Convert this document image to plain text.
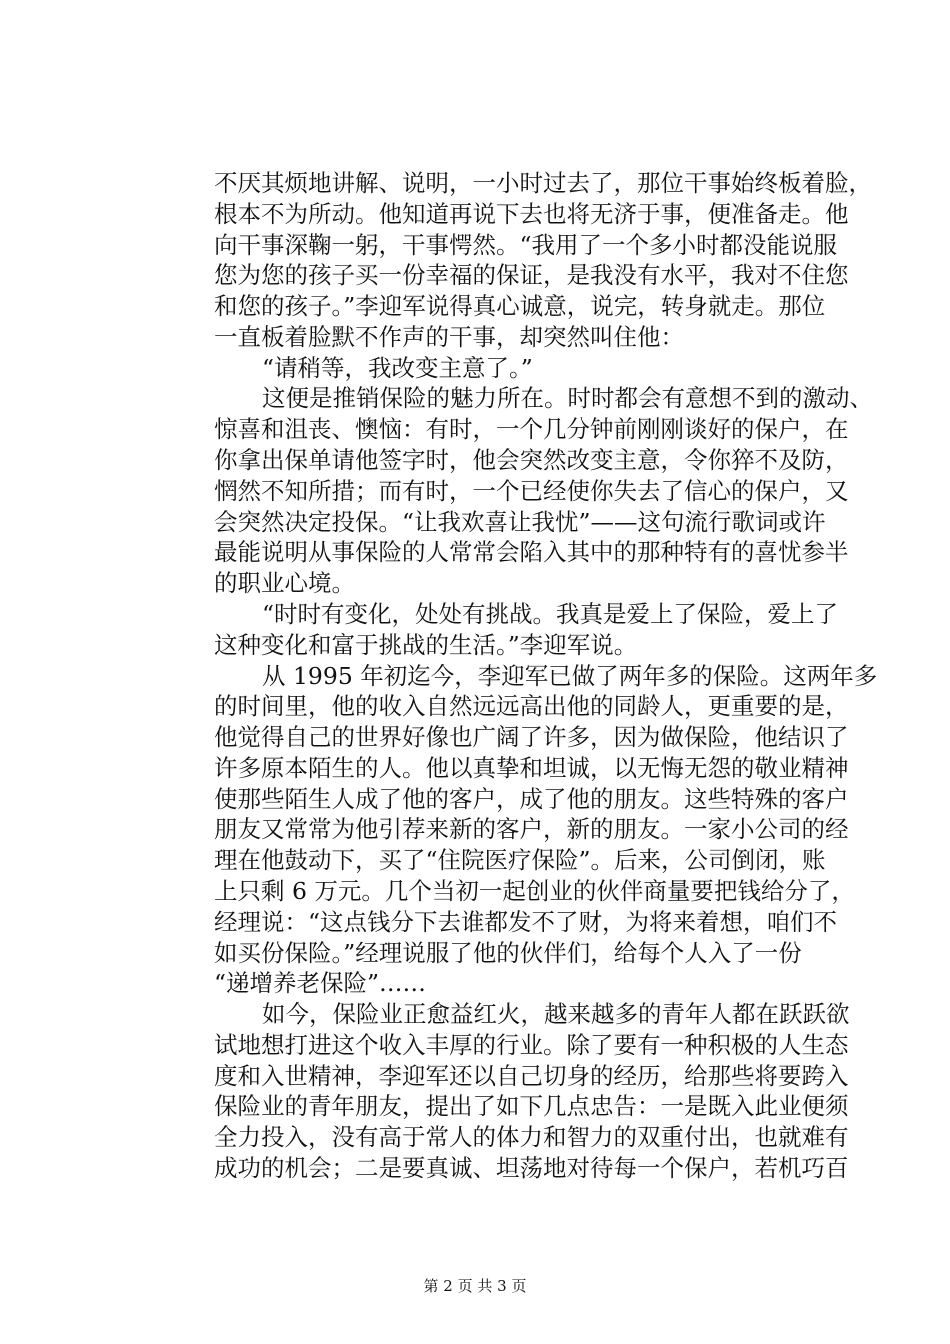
不厌其烦地讲解、说明，一小时过去了，那位干事始终板着脸，
根本不为所动。他知道再说下去也将无济于事，便准备走。他
向干事深鞠一躬，干事愕然。“我用了一个多小时都没能说服
您为您的孩子买一份幸福的保证，是我没有水平，我对不住您
和您的孩子。”李迎军说得真心诚意，说完，转身就走。那位
一直板着脸默不作声的干事，却突然叫住他：
“请稍等，我改变主意了。”
这便是推销保险的魅力所在。时时都会有意想不到的激动、
惊喜和沮丧、懊恼：有时，一个几分钟前刚刚谈好的保户，在
你拿出保单请他签字时，他会突然改变主意，令你猝不及防，
惘然不知所措；而有时，一个已经使你失去了信心的保户，又
会突然决定投保。“让我欢喜让我忧”——这句流行歌词或许
最能说明从事保险的人常常会陷入其中的那种特有的喜忧参半
的职业心境。
“时时有变化，处处有挑战。我真是爱上了保险，爱上了
这种变化和富于挑战的生活。”李迎军说。
从 1995 年初迄今，李迎军已做了两年多的保险。这两年多
的时间里，他的收入自然远远高出他的同龄人，更重要的是，
他觉得自己的世界好像也广阔了许多，因为做保险，他结识了
许多原本陌生的人。他以真挚和坦诚，以无悔无怨的敬业精神
使那些陌生人成了他的客户，成了他的朋友。这些特殊的客户
朋友又常常为他引荐来新的客户，新的朋友。一家小公司的经
理在他鼓动下，买了“住院医疗保险”。后来，公司倒闭，账
上只剩 6 万元。几个当初一起创业的伙伴商量要把钱给分了，
经理说：“这点钱分下去谁都发不了财，为将来着想，咱们不
如买份保险。”经理说服了他的伙伴们，给每个人入了一份
“递增养老保险”……
如今，保险业正愈益红火，越来越多的青年人都在跃跃欲
试地想打进这个收入丰厚的行业。除了要有一种积极的人生态
度和入世精神，李迎军还以自己切身的经历，给那些将要跨入
保险业的青年朋友，提出了如下几点忠告：一是既入此业便须
全力投入，没有高于常人的体力和智力的双重付出，也就难有
成功的机会；二是要真诚、坦荡地对待每一个保户，若机巧百
第 2 页 共 3 页
